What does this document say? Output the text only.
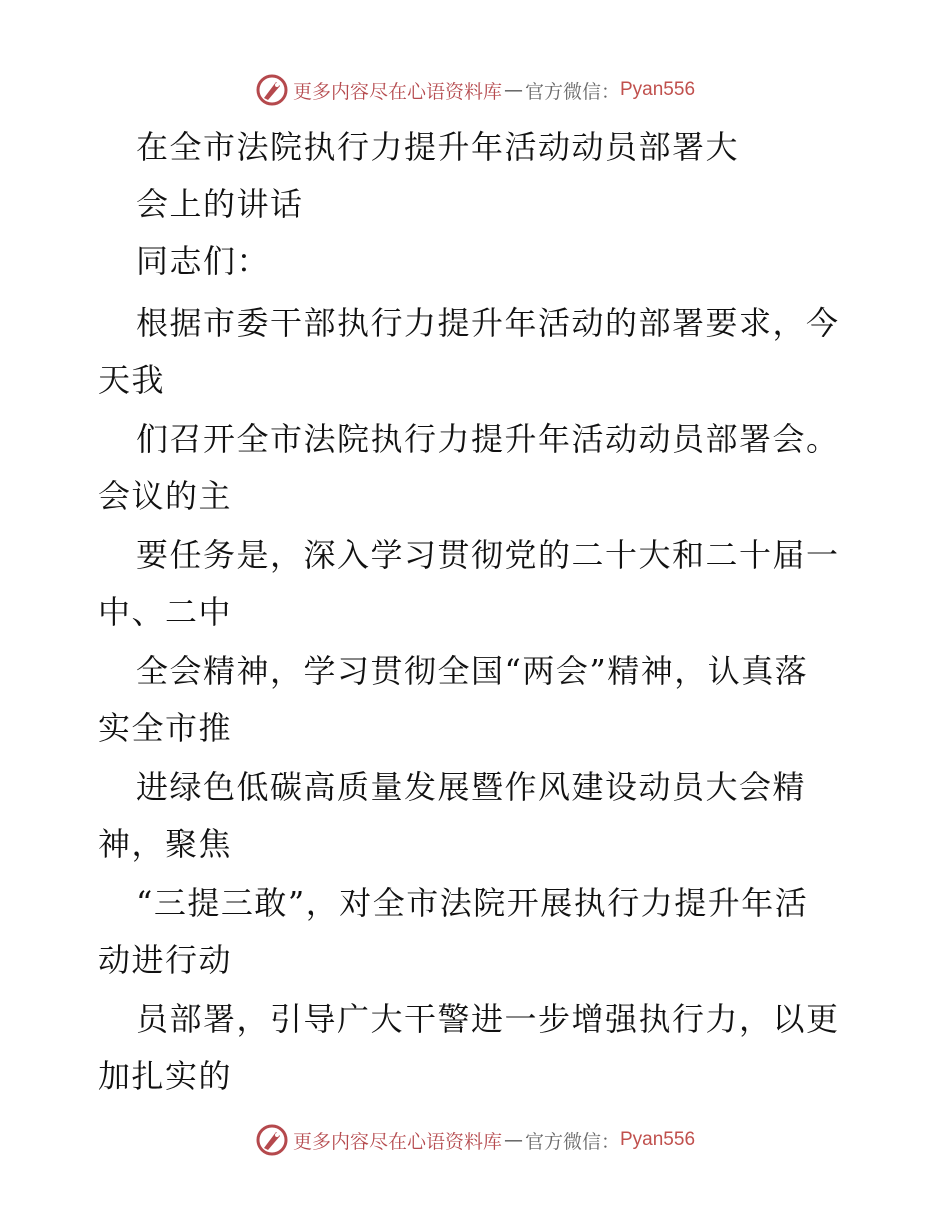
更多内容尽在心语资料库 — 官方微信： Pyan556
在全市法院执行力提升年活动动员部署大
会上的讲话
同志们：
根据市委干部执行力提升年活动的部署要求，今
天我
们召开全市法院执行力提升年活动动员部署会。
会议的主
要任务是，深入学习贯彻党的二十大和二十届一
中、二中
全会精神，学习贯彻全国“两会”精神，认真落
实全市推
进绿色低碳高质量发展暨作风建设动员大会精
神，聚焦
“三提三敢”，对全市法院开展执行力提升年活
动进行动
员部署，引导广大干警进一步增强执行力，以更
加扎实的
更多内容尽在心语资料库 — 官方微信： Pyan556
